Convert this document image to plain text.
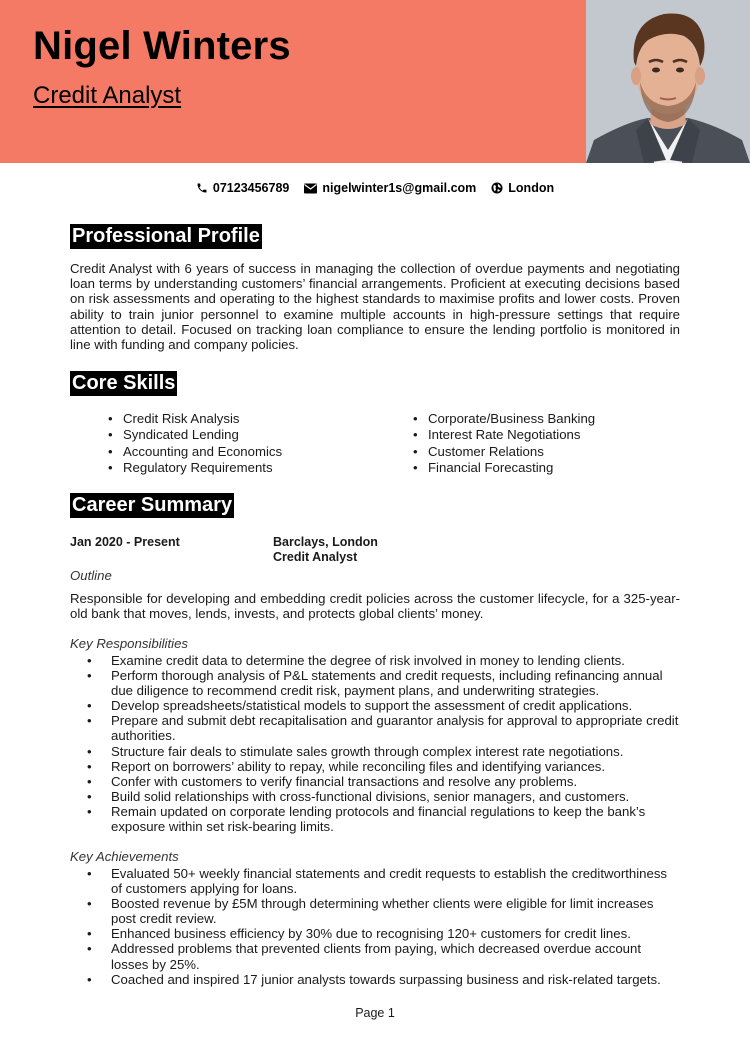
Nigel Winters
Credit Analyst
07123456789	nigelwinter1s@gmail.com	London
Professional Profile

Credit Analyst with 6 years of success in managing the collection of overdue payments and negotiating loan terms by understanding customers’ financial arrangements. Proficient at executing decisions based on risk assessments and operating to the highest standards to maximise profits and lower costs. Proven ability to train junior personnel to examine multiple accounts in high-pressure settings that require attention to detail. Focused on tracking loan compliance to ensure the lending portfolio is monitored in line with funding and company policies.

Core Skills
• Credit Risk Analysis	• Corporate/Business Banking
• Syndicated Lending	• Interest Rate Negotiations
• Accounting and Economics	• Customer Relations
• Regulatory Requirements	• Financial Forecasting
Career Summary
Jan 2020 - Present	Barclays, London
Credit Analyst
Outline

Responsible for developing and embedding credit policies across the customer lifecycle, for a 325-year-old bank that moves, lends, invests, and protects global clients’ money.

Key Responsibilities
• Examine credit data to determine the degree of risk involved in money to lending clients.
• Perform thorough analysis of P&L statements and credit requests, including refinancing annual due diligence to recommend credit risk, payment plans, and underwriting strategies.
• Develop spreadsheets/statistical models to support the assessment of credit applications.
• Prepare and submit debt recapitalisation and guarantor analysis for approval to appropriate credit authorities.
• Structure fair deals to stimulate sales growth through complex interest rate negotiations.
• Report on borrowers’ ability to repay, while reconciling files and identifying variances.
• Confer with customers to verify financial transactions and resolve any problems.
• Build solid relationships with cross-functional divisions, senior managers, and customers.
• Remain updated on corporate lending protocols and financial regulations to keep the bank’s exposure within set risk-bearing limits.
Key Achievements
• Evaluated 50+ weekly financial statements and credit requests to establish the creditworthiness of customers applying for loans.
• Boosted revenue by £5M through determining whether clients were eligible for limit increases post credit review.
• Enhanced business efficiency by 30% due to recognising 120+ customers for credit lines.
• Addressed problems that prevented clients from paying, which decreased overdue account losses by 25%.
• Coached and inspired 17 junior analysts towards surpassing business and risk-related targets.
Page 1
